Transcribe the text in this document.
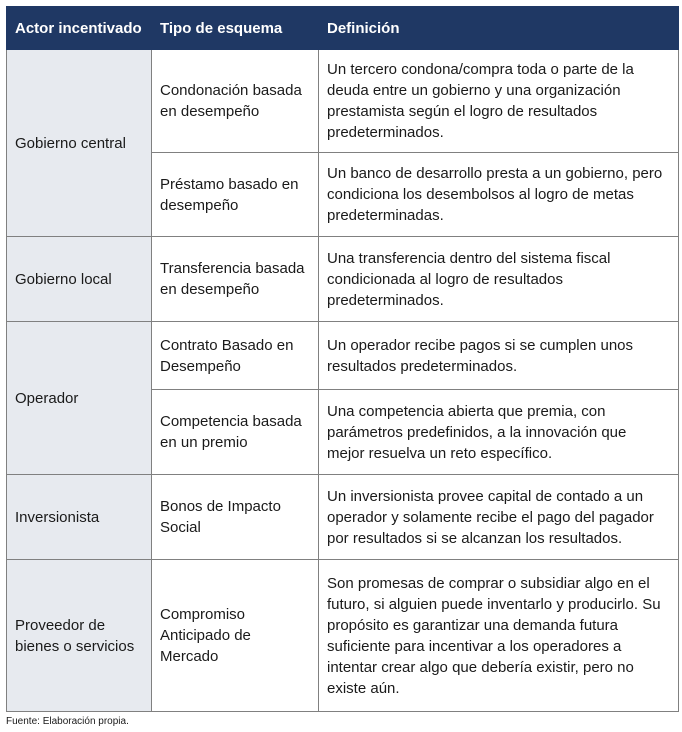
Actor incentivado	Tipo de esquema	Definición
Gobierno central	Condonación basada en desempeño	Un tercero condona/compra toda o parte de la deuda entre un gobierno y una organización prestamista según el logro de resultados predeterminados.
	Préstamo basado en desempeño	Un banco de desarrollo presta a un gobierno, pero condiciona los desembolsos al logro de metas predeterminadas.
Gobierno local	Transferencia basada en desempeño	Una transferencia dentro del sistema fiscal condicionada al logro de resultados predeterminados.
Operador	Contrato Basado en Desempeño	Un operador recibe pagos si se cumplen unos resultados predeterminados.
	Competencia basada en un premio	Una competencia abierta que premia, con parámetros predefinidos, a la innovación que mejor resuelva un reto específico.
Inversionista	Bonos de Impacto Social	Un inversionista provee capital de contado a un operador y solamente recibe el pago del pagador por resultados si se alcanzan los resultados.
Proveedor de bienes o servicios	Compromiso Anticipado de Mercado	Son promesas de comprar o subsidiar algo en el futuro, si alguien puede inventarlo y producirlo. Su propósito es garantizar una demanda futura suficiente para incentivar a los operadores a intentar crear algo que debería existir, pero no existe aún.
Fuente: Elaboración propia.
